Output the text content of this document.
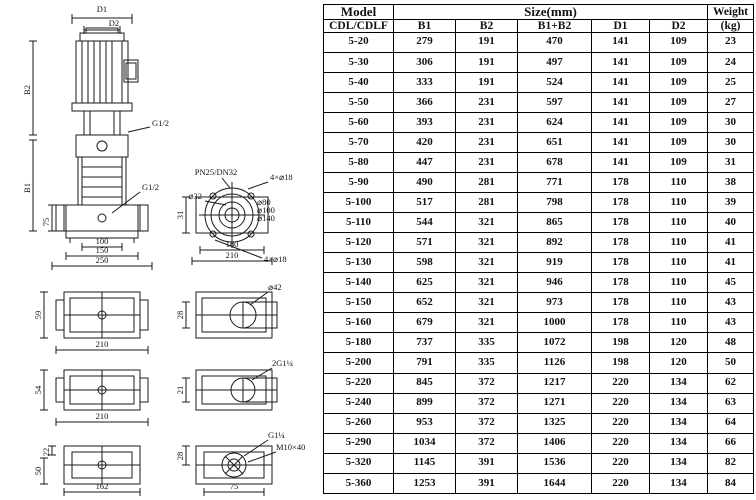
D1
D2
B2
B1
G1/2
G1/2
75
100
150
250
PN25/DN32	4×⌀18
⌀32
⌀80
⌀100
⌀140
31
4×⌀18
180
210
59
210
⌀42
28
54
210
2G1¼
21
22
50
162
28
75
G1¼
M10×40
Model	Size(mm)					Weight
CDL/CDLF	B1	B2	B1+B2	D1	D2	(kg)
5-20	279	191	470	141	109	23
5-30	306	191	497	141	109	24
5-40	333	191	524	141	109	25
5-50	366	231	597	141	109	27
5-60	393	231	624	141	109	30
5-70	420	231	651	141	109	30
5-80	447	231	678	141	109	31
5-90	490	281	771	178	110	38
5-100	517	281	798	178	110	39
5-110	544	321	865	178	110	40
5-120	571	321	892	178	110	41
5-130	598	321	919	178	110	41
5-140	625	321	946	178	110	45
5-150	652	321	973	178	110	43
5-160	679	321	1000	178	110	43
5-180	737	335	1072	198	120	48
5-200	791	335	1126	198	120	50
5-220	845	372	1217	220	134	62
5-240	899	372	1271	220	134	63
5-260	953	372	1325	220	134	64
5-290	1034	372	1406	220	134	66
5-320	1145	391	1536	220	134	82
5-360	1253	391	1644	220	134	84
